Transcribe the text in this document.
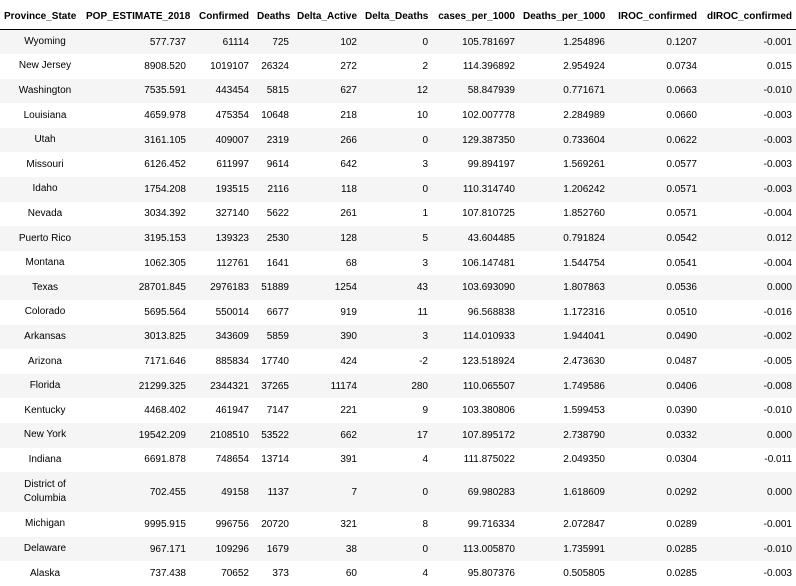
Province_State	POP_ESTIMATE_2018	Confirmed	Deaths	Delta_Active	Delta_Deaths	cases_per_1000	Deaths_per_1000	IROC_confirmed	dIROC_confirmed
Wyoming	577.737	61114	725	102	0	105.781697	1.254896	0.1207	-0.001
New Jersey	8908.520	1019107	26324	272	2	114.396892	2.954924	0.0734	0.015
Washington	7535.591	443454	5815	627	12	58.847939	0.771671	0.0663	-0.010
Louisiana	4659.978	475354	10648	218	10	102.007778	2.284989	0.0660	-0.003
Utah	3161.105	409007	2319	266	0	129.387350	0.733604	0.0622	-0.003
Missouri	6126.452	611997	9614	642	3	99.894197	1.569261	0.0577	-0.003
Idaho	1754.208	193515	2116	118	0	110.314740	1.206242	0.0571	-0.003
Nevada	3034.392	327140	5622	261	1	107.810725	1.852760	0.0571	-0.004
Puerto Rico	3195.153	139323	2530	128	5	43.604485	0.791824	0.0542	0.012
Montana	1062.305	112761	1641	68	3	106.147481	1.544754	0.0541	-0.004
Texas	28701.845	2976183	51889	1254	43	103.693090	1.807863	0.0536	0.000
Colorado	5695.564	550014	6677	919	11	96.568838	1.172316	0.0510	-0.016
Arkansas	3013.825	343609	5859	390	3	114.010933	1.944041	0.0490	-0.002
Arizona	7171.646	885834	17740	424	-2	123.518924	2.473630	0.0487	-0.005
Florida	21299.325	2344321	37265	11174	280	110.065507	1.749586	0.0406	-0.008
Kentucky	4468.402	461947	7147	221	9	103.380806	1.599453	0.0390	-0.010
New York	19542.209	2108510	53522	662	17	107.895172	2.738790	0.0332	0.000
Indiana	6691.878	748654	13714	391	4	111.875022	2.049350	0.0304	-0.011
District of Columbia	702.455	49158	1137	7	0	69.980283	1.618609	0.0292	0.000
Michigan	9995.915	996756	20720	321	8	99.716334	2.072847	0.0289	-0.001
Delaware	967.171	109296	1679	38	0	113.005870	1.735991	0.0285	-0.010
Alaska	737.438	70652	373	60	4	95.807376	0.505805	0.0285	-0.003
